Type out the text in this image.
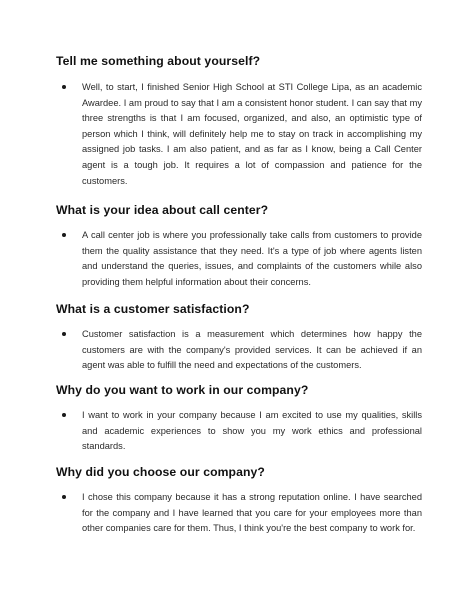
Tell me something about yourself?
Well, to start, I finished Senior High School at STI College Lipa, as an academic Awardee. I am proud to say that I am a consistent honor student. I can say that my three strengths is that I am focused, organized, and also, an optimistic type of person which I think, will definitely help me to stay on track in accomplishing my assigned job tasks. I am also patient, and as far as I know, being a Call Center agent is a tough job. It requires a lot of compassion and patience for the customers.
What is your idea about call center?
A call center job is where you professionally take calls from customers to provide them the quality assistance that they need. It's a type of job where agents listen and understand the queries, issues, and complaints of the customers while also providing them helpful information about their concerns.
What is a customer satisfaction?
Customer satisfaction is a measurement which determines how happy the customers are with the company's provided services. It can be achieved if an agent was able to fulfill the need and expectations of the customers.
Why do you want to work in our company?
I want to work in your company because I am excited to use my qualities, skills and academic experiences to show you my work ethics and professional standards.
Why did you choose our company?
I chose this company because it has a strong reputation online. I have searched for the company and I have learned that you care for your employees more than other companies care for them. Thus, I think you're the best company to work for.
